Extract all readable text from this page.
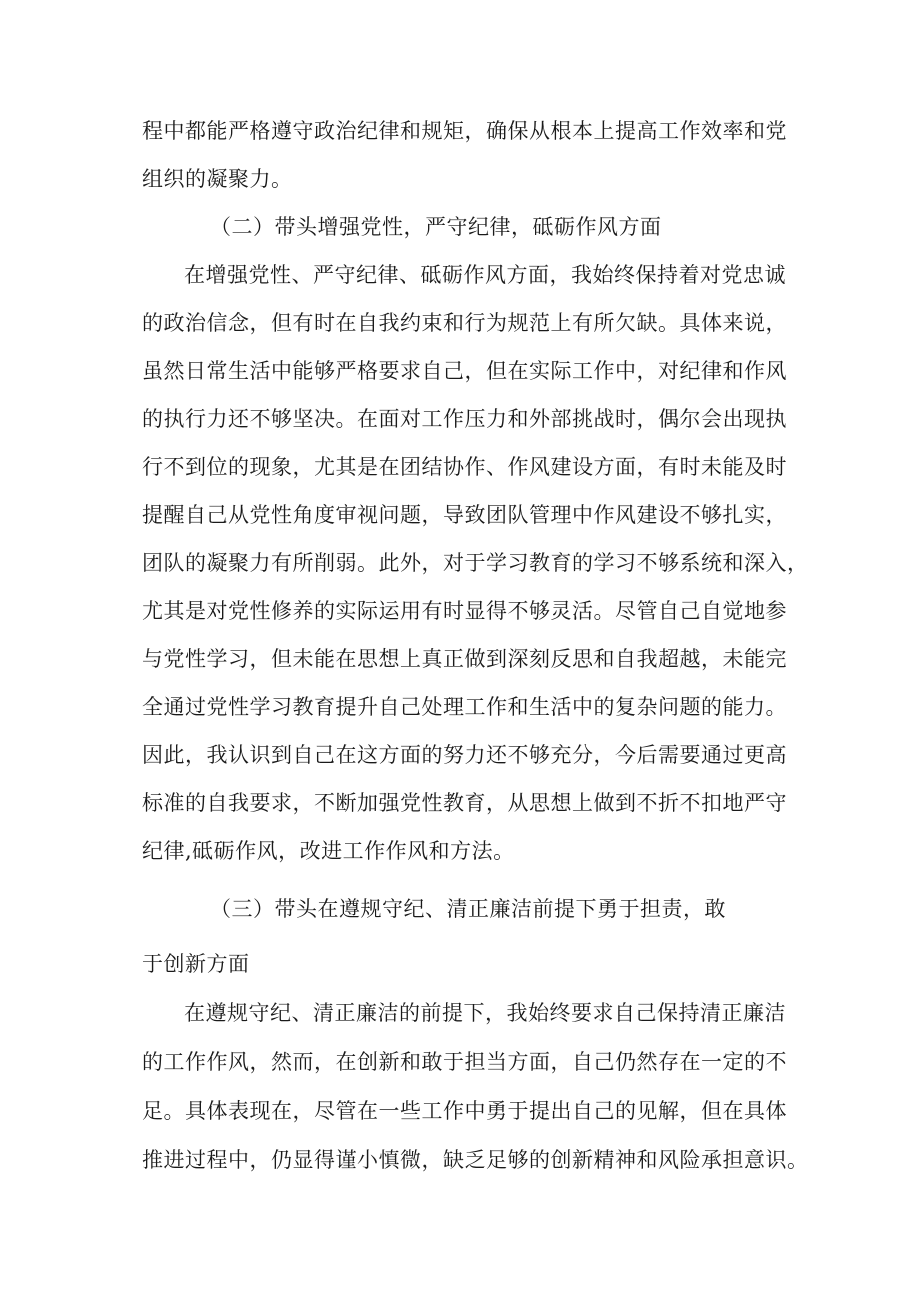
程中都能严格遵守政治纪律和规矩，确保从根本上提高工作效率和党

组织的凝聚力。

（二）带头增强党性，严守纪律，砥砺作风方面

在增强党性、严守纪律、砥砺作风方面，我始终保持着对党忠诚

的政治信念，但有时在自我约束和行为规范上有所欠缺。具体来说，

虽然日常生活中能够严格要求自己，但在实际工作中，对纪律和作风

的执行力还不够坚决。在面对工作压力和外部挑战时，偶尔会出现执

行不到位的现象，尤其是在团结协作、作风建设方面，有时未能及时

提醒自己从党性角度审视问题，导致团队管理中作风建设不够扎实，

团队的凝聚力有所削弱。此外，对于学习教育的学习不够系统和深入，

尤其是对党性修养的实际运用有时显得不够灵活。尽管自己自觉地参

与党性学习，但未能在思想上真正做到深刻反思和自我超越，未能完

全通过党性学习教育提升自己处理工作和生活中的复杂问题的能力。

因此，我认识到自己在这方面的努力还不够充分，今后需要通过更高

标准的自我要求，不断加强党性教育，从思想上做到不折不扣地严守

纪律,砥砺作风，改进工作作风和方法。

（三）带头在遵规守纪、清正廉洁前提下勇于担责，敢

于创新方面

在遵规守纪、清正廉洁的前提下，我始终要求自己保持清正廉洁

的工作作风，然而，在创新和敢于担当方面，自己仍然存在一定的不

足。具体表现在，尽管在一些工作中勇于提出自己的见解，但在具体

推进过程中，仍显得谨小慎微，缺乏足够的创新精神和风险承担意识。
